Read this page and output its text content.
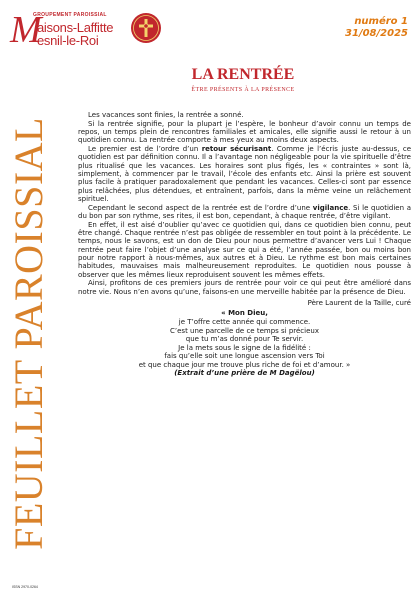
GROUPEMENT PAROISSIAL
M
aisons-Laffitte
esnil-le-Roi
numéro 1
31/08/2025
FEUILLET PAROISSIAL
ISSN 2970-0264
LA RENTRÉE
ÊTRE PRÉSENTS À LA PRÉSENCE

Les vacances sont finies, la rentrée a sonné.

Si la rentrée signifie, pour la plupart je l’espère, le bonheur d’avoir connu un temps de repos, un temps plein de rencontres familiales et amicales, elle signifie aussi le retour à un quotidien connu. La rentrée comporte à mes yeux au moins deux aspects.

Le premier est de l’ordre d’un retour sécurisant. Comme je l’écris juste au-dessus, ce quotidien est par définition connu. Il a l’avantage non négligeable pour la vie spirituelle d’être plus ritualisé que les vacances. Les horaires sont plus figés, les « contraintes » sont là, simplement, à commencer par le travail, l’école des enfants etc. Ainsi la prière est souvent plus facile à pratiquer paradoxalement que pendant les vacances. Celles-ci sont par essence plus relâchées, plus détendues, et entraînent, parfois, dans la même veine un relâchement spirituel.

Cependant le second aspect de la rentrée est de l’ordre d’une vigilance. Si le quotidien a du bon par son rythme, ses rites, il est bon, cependant, à chaque rentrée, d’être vigilant.

En effet, il est aisé d’oublier qu’avec ce quotidien qui, dans ce quotidien bien connu, peut être changé. Chaque rentrée n’est pas obligée de ressembler en tout point à la précédente. Le temps, nous le savons, est un don de Dieu pour nous permettre d’avancer vers Lui ! Chaque rentrée peut faire l’objet d’une analyse sur ce qui a été, l’année passée, bon ou moins bon pour notre rapport à nous-mêmes, aux autres et à Dieu. Le rythme est bon mais certaines habitudes, mauvaises mais malheureusement reproduites. Le quotidien nous pousse à observer que les mêmes lieux reproduisent souvent les mêmes effets.

Ainsi, profitons de ces premiers jours de rentrée pour voir ce qui peut être amélioré dans notre vie. Nous n’en avons qu’une, faisons-en une merveille habitée par la présence de Dieu.

Père Laurent de la Taille, curé
« Mon Dieu,
je T’offre cette année qui commence.
C’est une parcelle de ce temps si précieux
que tu m’as donné pour Te servir.
Je la mets sous le signe de la fidélité :
fais qu’elle soit une longue ascension vers Toi
et que chaque jour me trouve plus riche de foi et d’amour. »
(Extrait d’une prière de M Dagëlou)
